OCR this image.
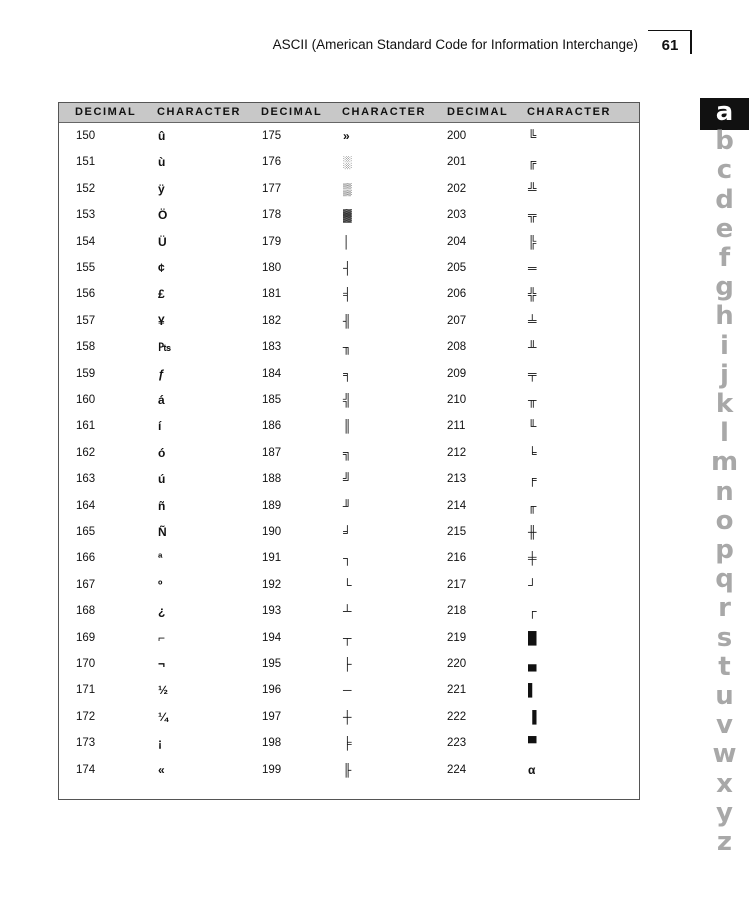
ASCII (American Standard Code for Information Interchange)	61
DECIMAL CHARACTER DECIMAL CHARACTER DECIMAL CHARACTER
150	û	175	»	200	╚
151	ù	176	░	201	╔
152	ÿ	177	▒	202	╩
153	Ö	178	▓	203	╦
154	Ü	179	│	204	╠
155	¢	180	┤	205	═
156	£	181	╡	206	╬
157	¥	182	╢	207	╧
158	₧	183	╖	208	╨
159	ƒ	184	╕	209	╤
160	á	185	╣	210	╥
161	í	186	║	211	╙
162	ó	187	╗	212	╘
163	ú	188	╝	213	╒
164	ñ	189	╜	214	╓
165	Ñ	190	╛	215	╫
166	ª	191	┐	216	╪
167	º	192	└	217	┘
168	¿	193	┴	218	┌
169	⌐	194	┬	219	█
170	¬	195	├	220	▄
171	½	196	─	221	▌
172	¼	197	┼	222	▐
173	¡	198	╞	223	▀
174	«	199	╟	224	α
a
b
c
d
e
f
g
h
i
j
k
l
m
n
o
p
q
r
s
t
u
v
w
x
y
z
